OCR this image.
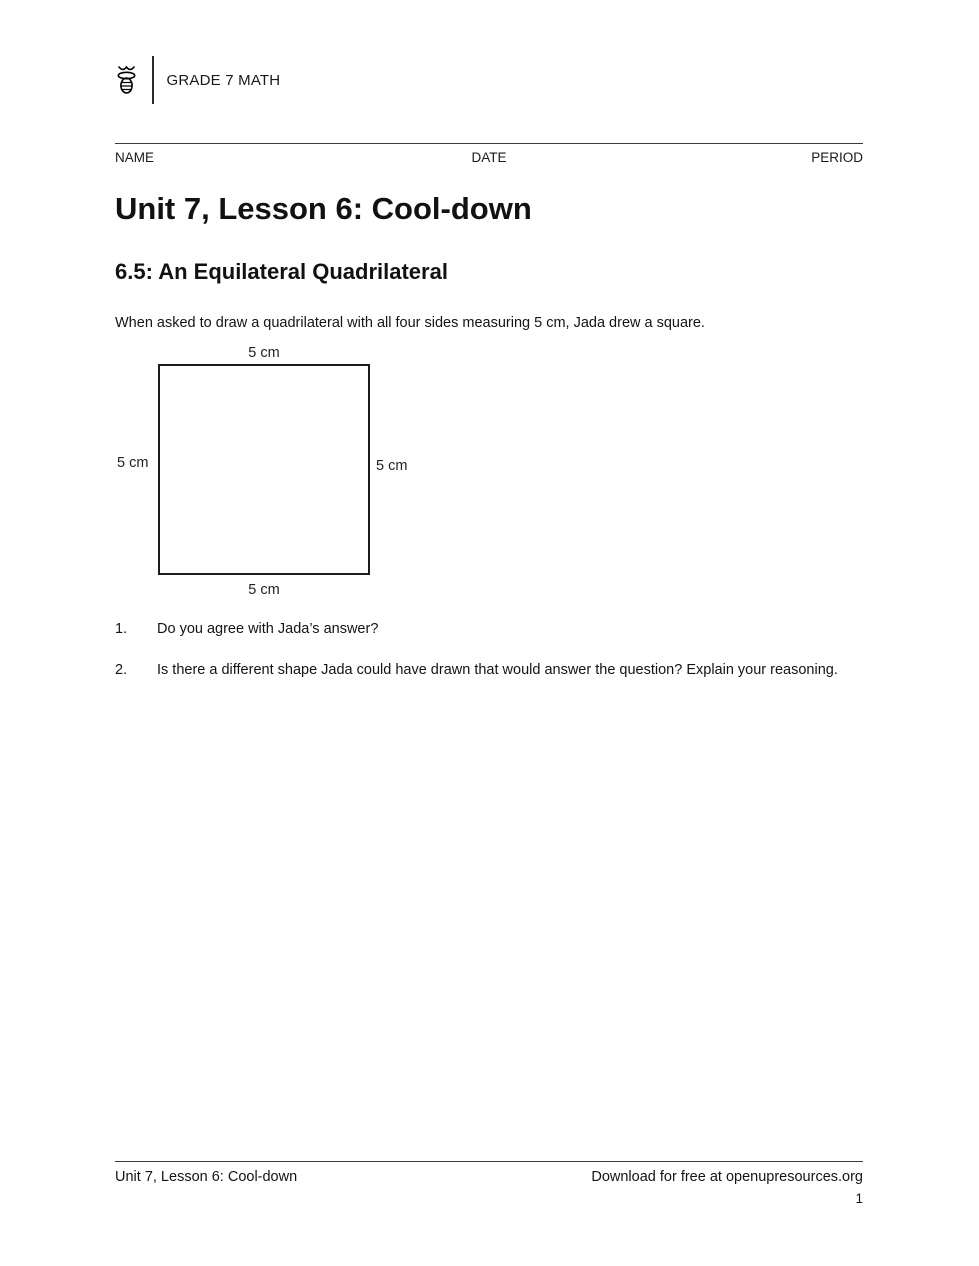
GRADE 7 MATH
NAME	DATE	PERIOD
Unit 7, Lesson 6: Cool-down
6.5: An Equilateral Quadrilateral

When asked to draw a quadrilateral with all four sides measuring 5 cm, Jada drew a square.

5 cm
5 cm	5 cm
5 cm
1.	Do you agree with Jada’s answer?
2.	Is there a different shape Jada could have drawn that would answer the question? Explain your reasoning.
Unit 7, Lesson 6: Cool-down	Download for free at openupresources.org
1
